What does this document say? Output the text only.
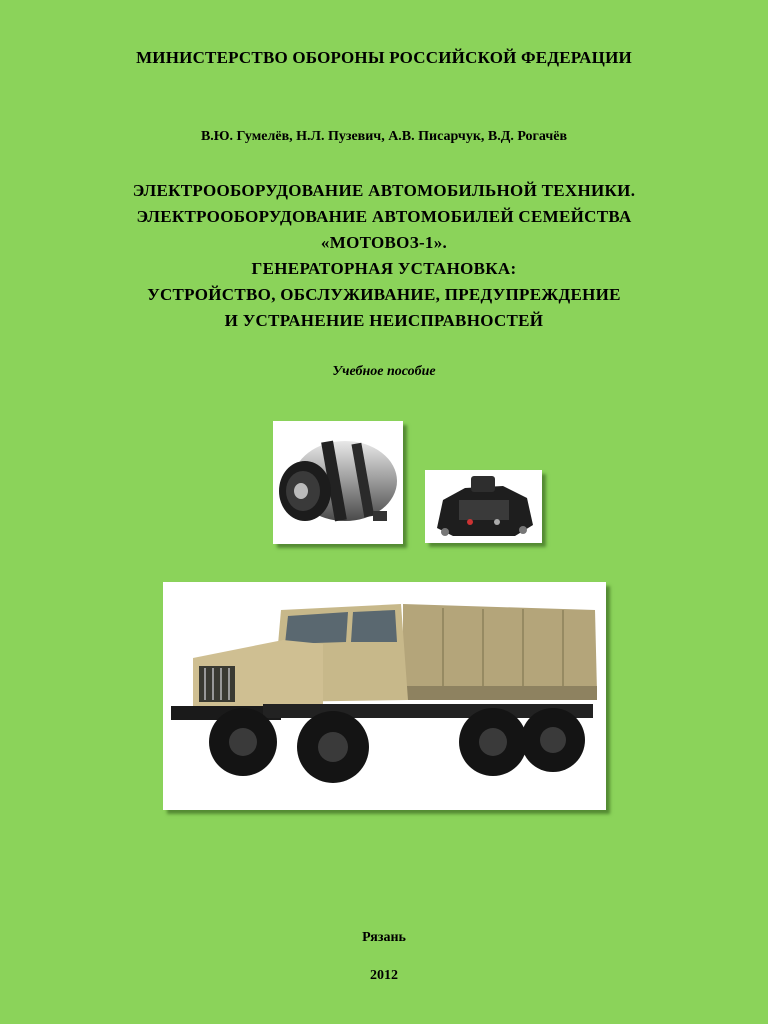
МИНИСТЕРСТВО ОБОРОНЫ РОССИЙСКОЙ ФЕДЕРАЦИИ
В.Ю. Гумелёв, Н.Л. Пузевич, А.В. Писарчук, В.Д. Рогачёв
ЭЛЕКТРООБОРУДОВАНИЕ АВТОМОБИЛЬНОЙ ТЕХНИКИ.
ЭЛЕКТРООБОРУДОВАНИЕ АВТОМОБИЛЕЙ СЕМЕЙСТВА
«МОТОВОЗ-1».
ГЕНЕРАТОРНАЯ УСТАНОВКА:
УСТРОЙСТВО, ОБСЛУЖИВАНИЕ, ПРЕДУПРЕЖДЕНИЕ
И УСТРАНЕНИЕ НЕИСПРАВНОСТЕЙ
Учебное пособие
Рязань
2012
